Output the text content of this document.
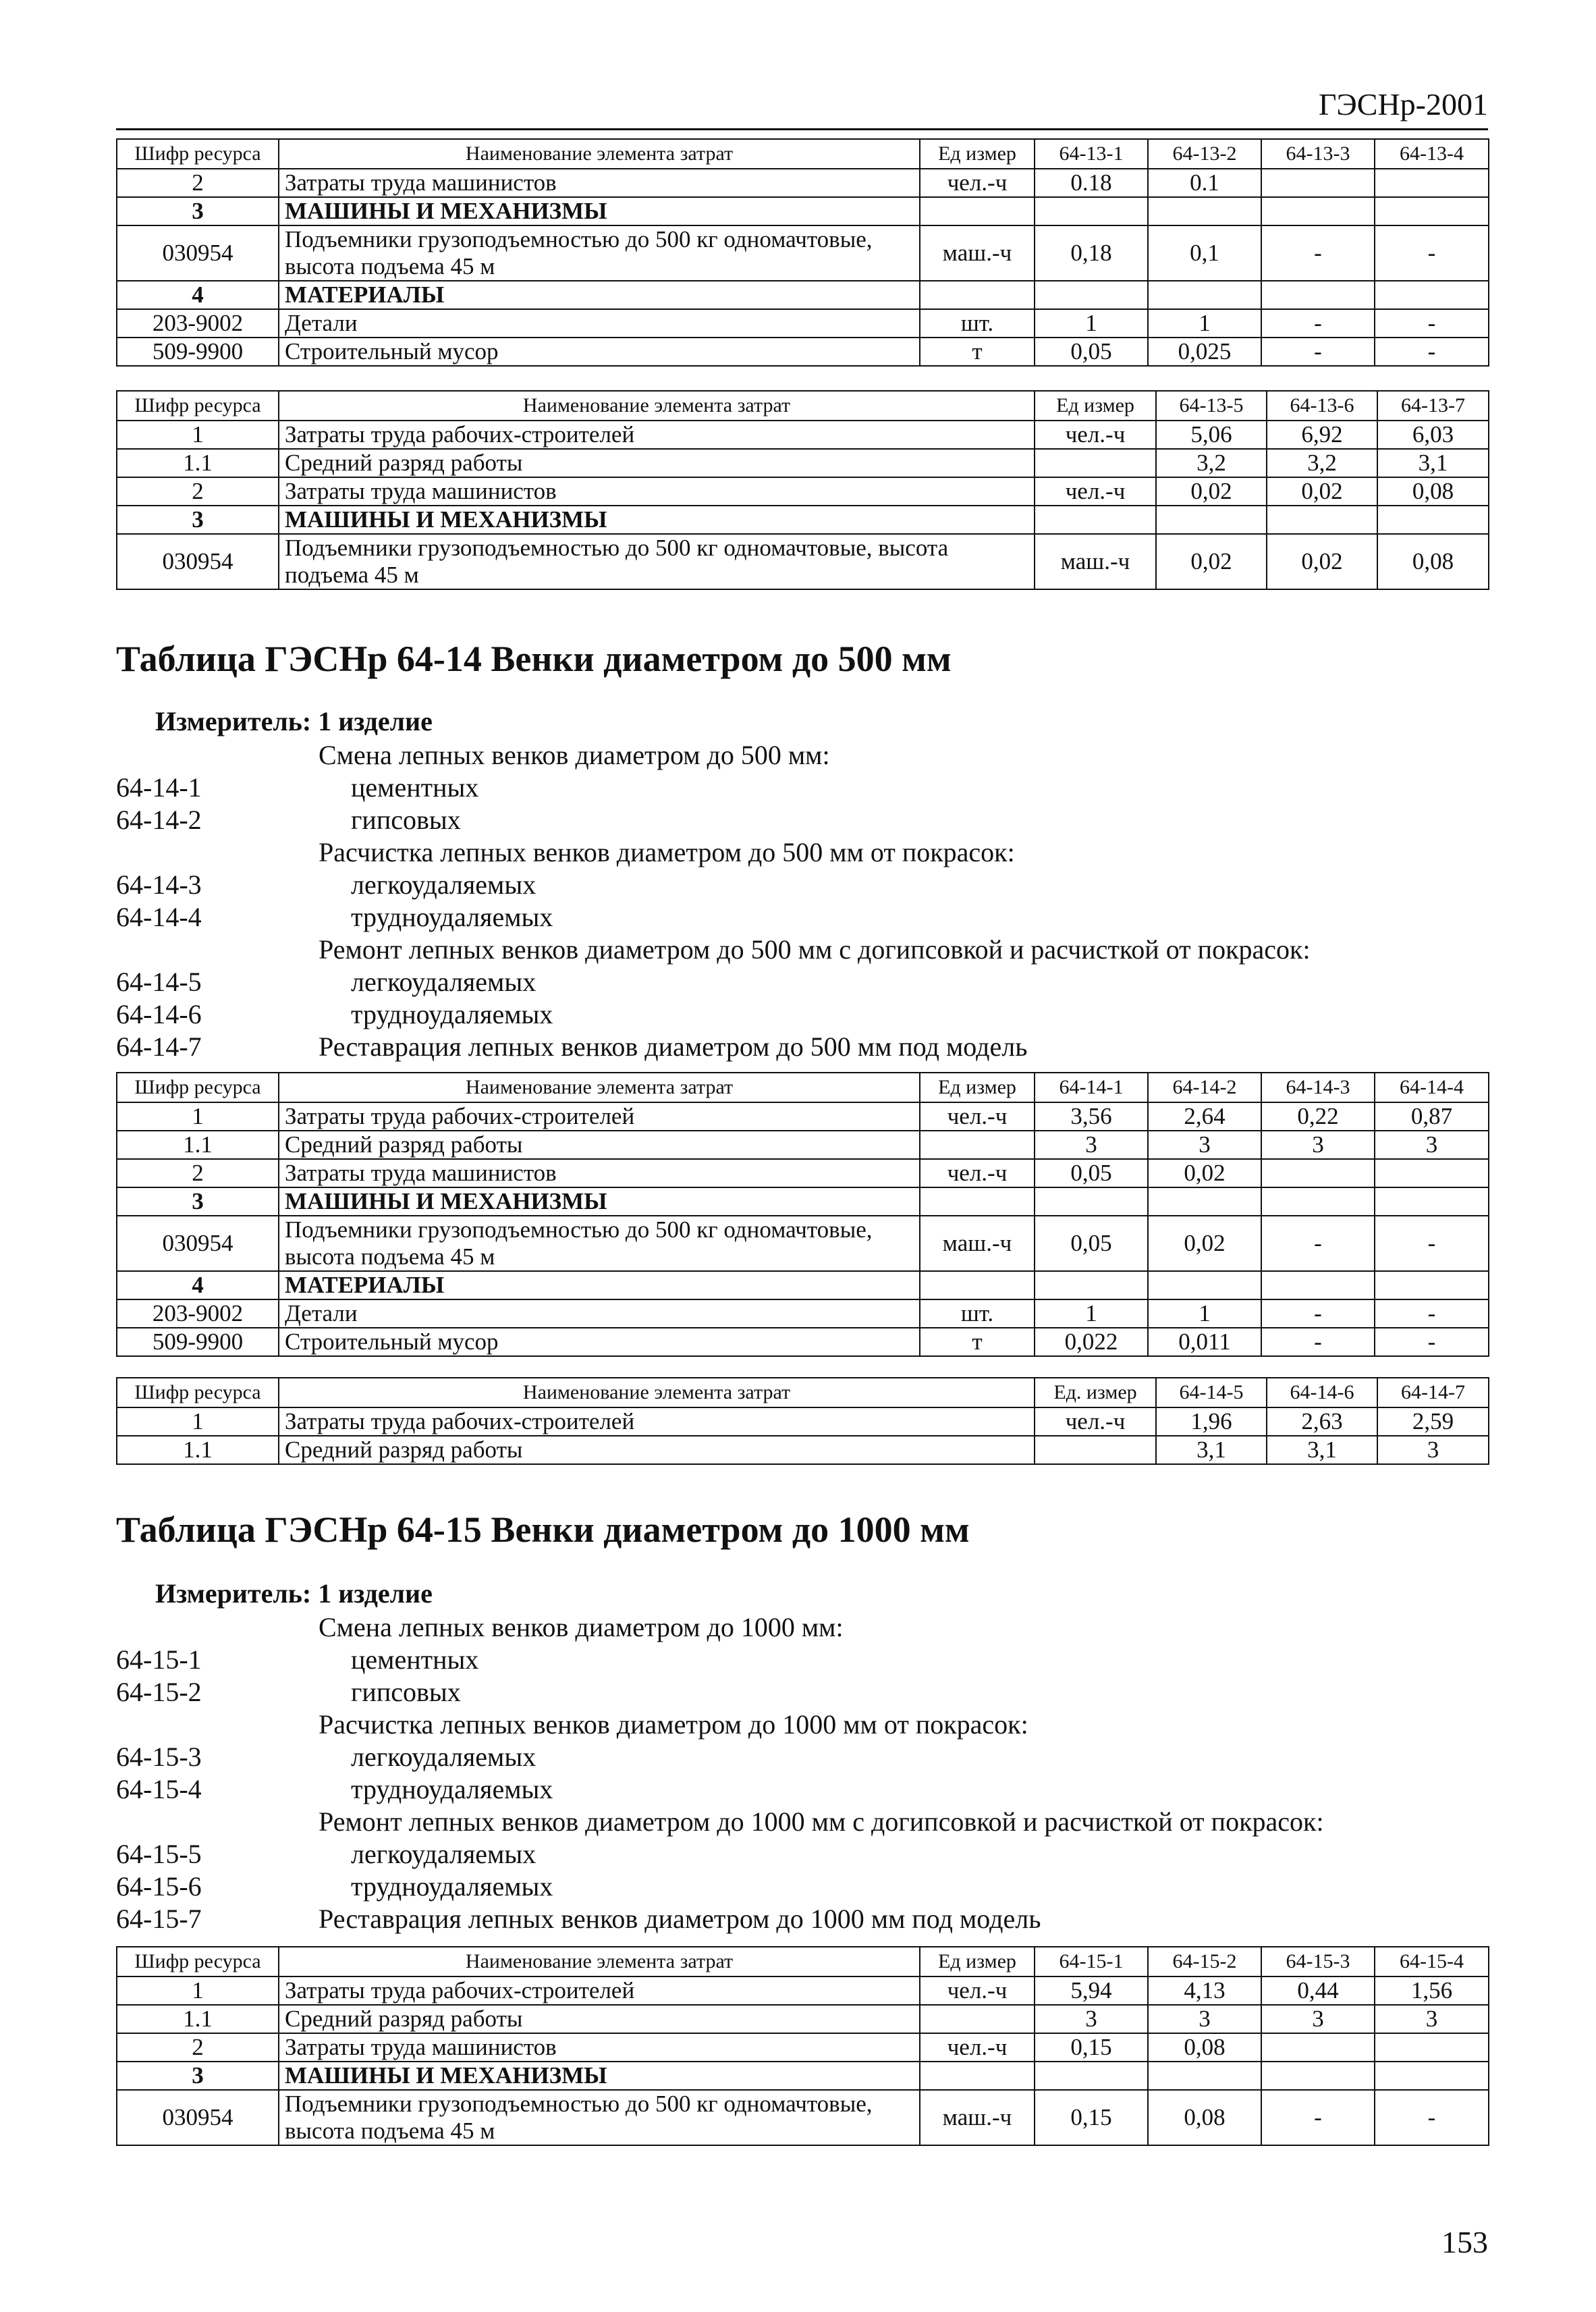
ГЭСНр-2001
Шифр ресурса	Наименование элемента затрат	Ед измер	64-13-1	64-13-2	64-13-3	64-13-4
2	Затраты труда машинистов	чел.-ч	0.18	0.1		
3	МАШИНЫ И МЕХАНИЗМЫ					
030954	Подъемники грузоподъемностью до 500 кг одномачтовые, высота подъема 45 м	маш.-ч	0,18	0,1	-	-
4	МАТЕРИАЛЫ					
203-9002	Детали	шт.	1	1	-	-
509-9900	Строительный мусор	т	0,05	0,025	-	-
Шифр ресурса	Наименование элемента затрат	Ед измер	64-13-5	64-13-6	64-13-7
1	Затраты труда рабочих-строителей	чел.-ч	5,06	6,92	6,03
1.1	Средний разряд работы		3,2	3,2	3,1
2	Затраты труда машинистов	чел.-ч	0,02	0,02	0,08
3	МАШИНЫ И МЕХАНИЗМЫ				
030954	Подъемники грузоподъемностью до 500 кг одномачтовые, высота подъема 45 м	маш.-ч	0,02	0,02	0,08
Таблица ГЭСНр 64-14 Венки диаметром до 500 мм
Измеритель: 1 изделие
Смена лепных венков диаметром до 500 мм:
64-14-1	цементных
64-14-2	гипсовых
Расчистка лепных венков диаметром до 500 мм от покрасок:
64-14-3	легкоудаляемых
64-14-4	трудноудаляемых
Ремонт лепных венков диаметром до 500 мм с догипсовкой и расчисткой от покрасок:
64-14-5	легкоудаляемых
64-14-6	трудноудаляемых
64-14-7	Реставрация лепных венков диаметром до 500 мм под модель
Шифр ресурса	Наименование элемента затрат	Ед измер	64-14-1	64-14-2	64-14-3	64-14-4
1	Затраты труда рабочих-строителей	чел.-ч	3,56	2,64	0,22	0,87
1.1	Средний разряд работы		3	3	3	3
2	Затраты труда машинистов	чел.-ч	0,05	0,02		
3	МАШИНЫ И МЕХАНИЗМЫ					
030954	Подъемники грузоподъемностью до 500 кг одномачтовые, высота подъема 45 м	маш.-ч	0,05	0,02	-	-
4	МАТЕРИАЛЫ					
203-9002	Детали	шт.	1	1	-	-
509-9900	Строительный мусор	т	0,022	0,011	-	-
Шифр ресурса	Наименование элемента затрат	Ед. измер	64-14-5	64-14-6	64-14-7
1	Затраты труда рабочих-строителей	чел.-ч	1,96	2,63	2,59
1.1	Средний разряд работы		3,1	3,1	3
Таблица ГЭСНр 64-15 Венки диаметром до 1000 мм
Измеритель: 1 изделие
Смена лепных венков диаметром до 1000 мм:
64-15-1	цементных
64-15-2	гипсовых
Расчистка лепных венков диаметром до 1000 мм от покрасок:
64-15-3	легкоудаляемых
64-15-4	трудноудаляемых
Ремонт лепных венков диаметром до 1000 мм с догипсовкой и расчисткой от покрасок:
64-15-5	легкоудаляемых
64-15-6	трудноудаляемых
64-15-7	Реставрация лепных венков диаметром до 1000 мм под модель
Шифр ресурса	Наименование элемента затрат	Ед измер	64-15-1	64-15-2	64-15-3	64-15-4
1	Затраты труда рабочих-строителей	чел.-ч	5,94	4,13	0,44	1,56
1.1	Средний разряд работы		3	3	3	3
2	Затраты труда машинистов	чел.-ч	0,15	0,08		
3	МАШИНЫ И МЕХАНИЗМЫ					
030954	Подъемники грузоподъемностью до 500 кг одномачтовые, высота подъема 45 м	маш.-ч	0,15	0,08	-	-
153
